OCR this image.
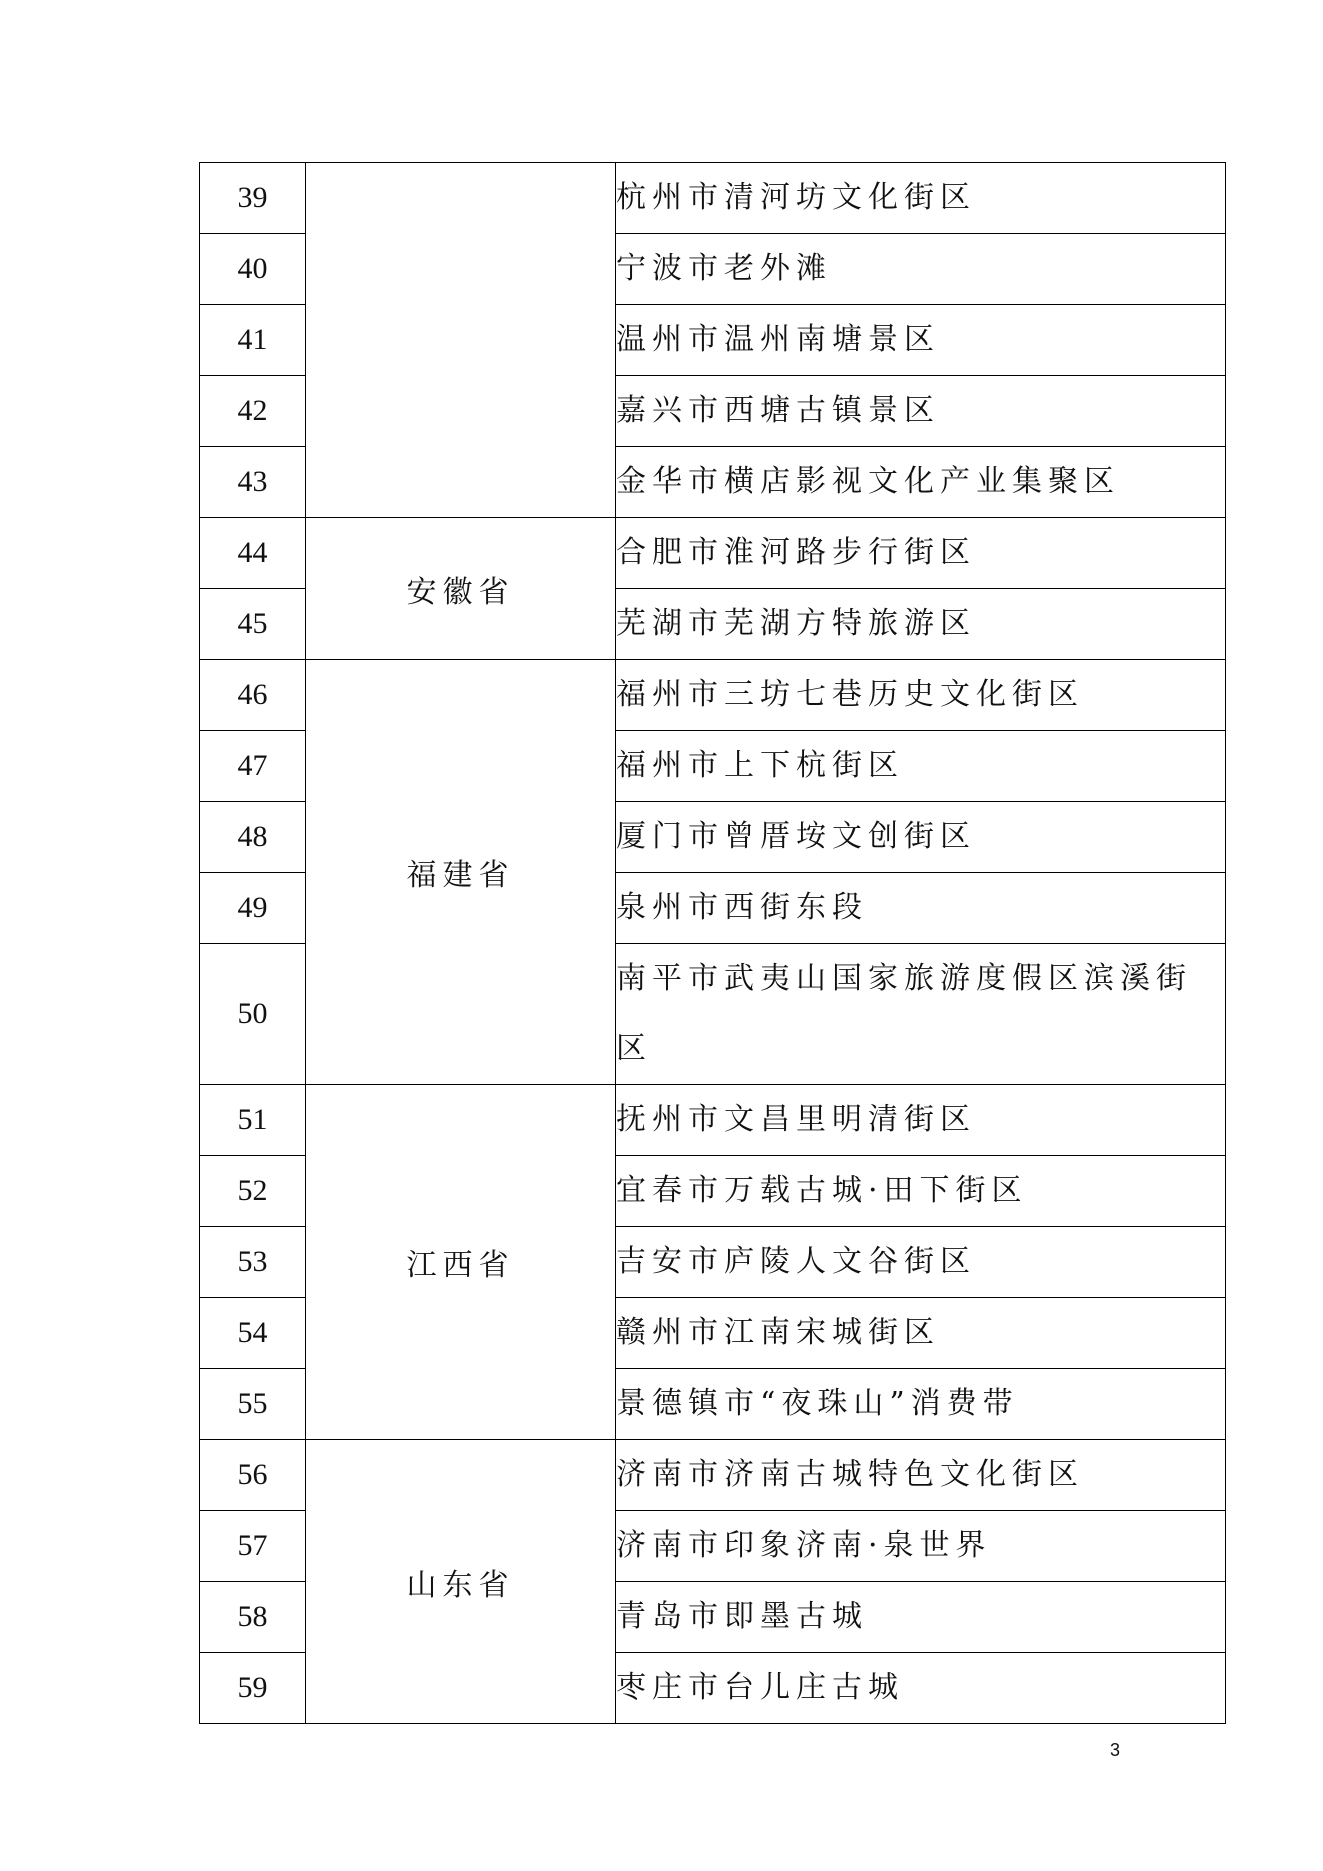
39		杭州市清河坊文化街区
40		宁波市老外滩
41		温州市温州南塘景区
42		嘉兴市西塘古镇景区
43		金华市横店影视文化产业集聚区
44	安徽省	合肥市淮河路步行街区
45		芜湖市芜湖方特旅游区
46	福建省	福州市三坊七巷历史文化街区
47		福州市上下杭街区
48		厦门市曾厝垵文创街区
49		泉州市西街东段
50		南平市武夷山国家旅游度假区滨溪街区
51	江西省	抚州市文昌里明清街区
52		宜春市万载古城·田下街区
53		吉安市庐陵人文谷街区
54		赣州市江南宋城街区
55		景德镇市“夜珠山”消费带
56	山东省	济南市济南古城特色文化街区
57		济南市印象济南·泉世界
58		青岛市即墨古城
59		枣庄市台儿庄古城
3
